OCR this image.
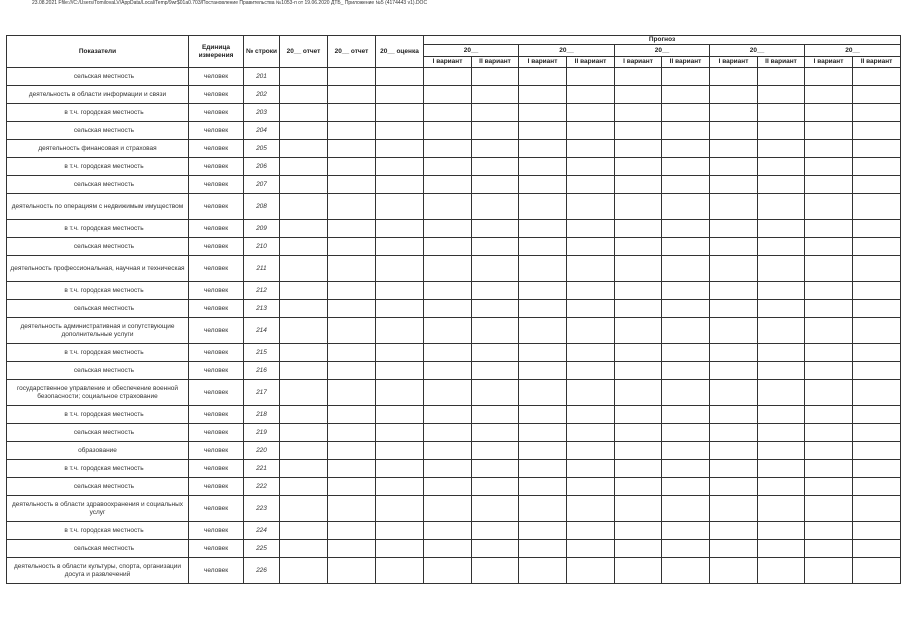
23.08.2021 Ffile:///C:/Users/TomilovaLV/AppData/Local/Temp/9wr$01a0.703/Постановление Правительства №1053-п от 19.06.2020 ДТБ_ Приложение №5 (4174443 v1).DOC
Показатели	Единица измерения	№ строки	20__ отчет	20__ отчет	20__ оценка	Прогноз									
						20__		20__		20__		20__		20__	
						I вариант	II вариант	I вариант	II вариант	I вариант	II вариант	I вариант	II вариант	I вариант	II вариант
сельская местность	человек	201													
деятельность в области информации и связи	человек	202													
в т.ч. городская местность	человек	203													
сельская местность	человек	204													
деятельность финансовая и страховая	человек	205													
в т.ч. городская местность	человек	206													
сельская местность	человек	207													
деятельность по операциям с недвижимым имуществом	человек	208													
в т.ч. городская местность	человек	209													
сельская местность	человек	210													
деятельность профессиональная, научная и техническая	человек	211													
в т.ч. городская местность	человек	212													
сельская местность	человек	213													
деятельность административная и сопутствующие дополнительные услуги	человек	214													
в т.ч. городская местность	человек	215													
сельская местность	человек	216													
государственное управление и обеспечение военной безопасности; социальное страхование	человек	217													
в т.ч. городская местность	человек	218													
сельская местность	человек	219													
образование	человек	220													
в т.ч. городская местность	человек	221													
сельская местность	человек	222													
деятельность в области здравоохранения и социальных услуг	человек	223													
в т.ч. городская местность	человек	224													
сельская местность	человек	225													
деятельность в области культуры, спорта, организации досуга и развлечений	человек	226													
